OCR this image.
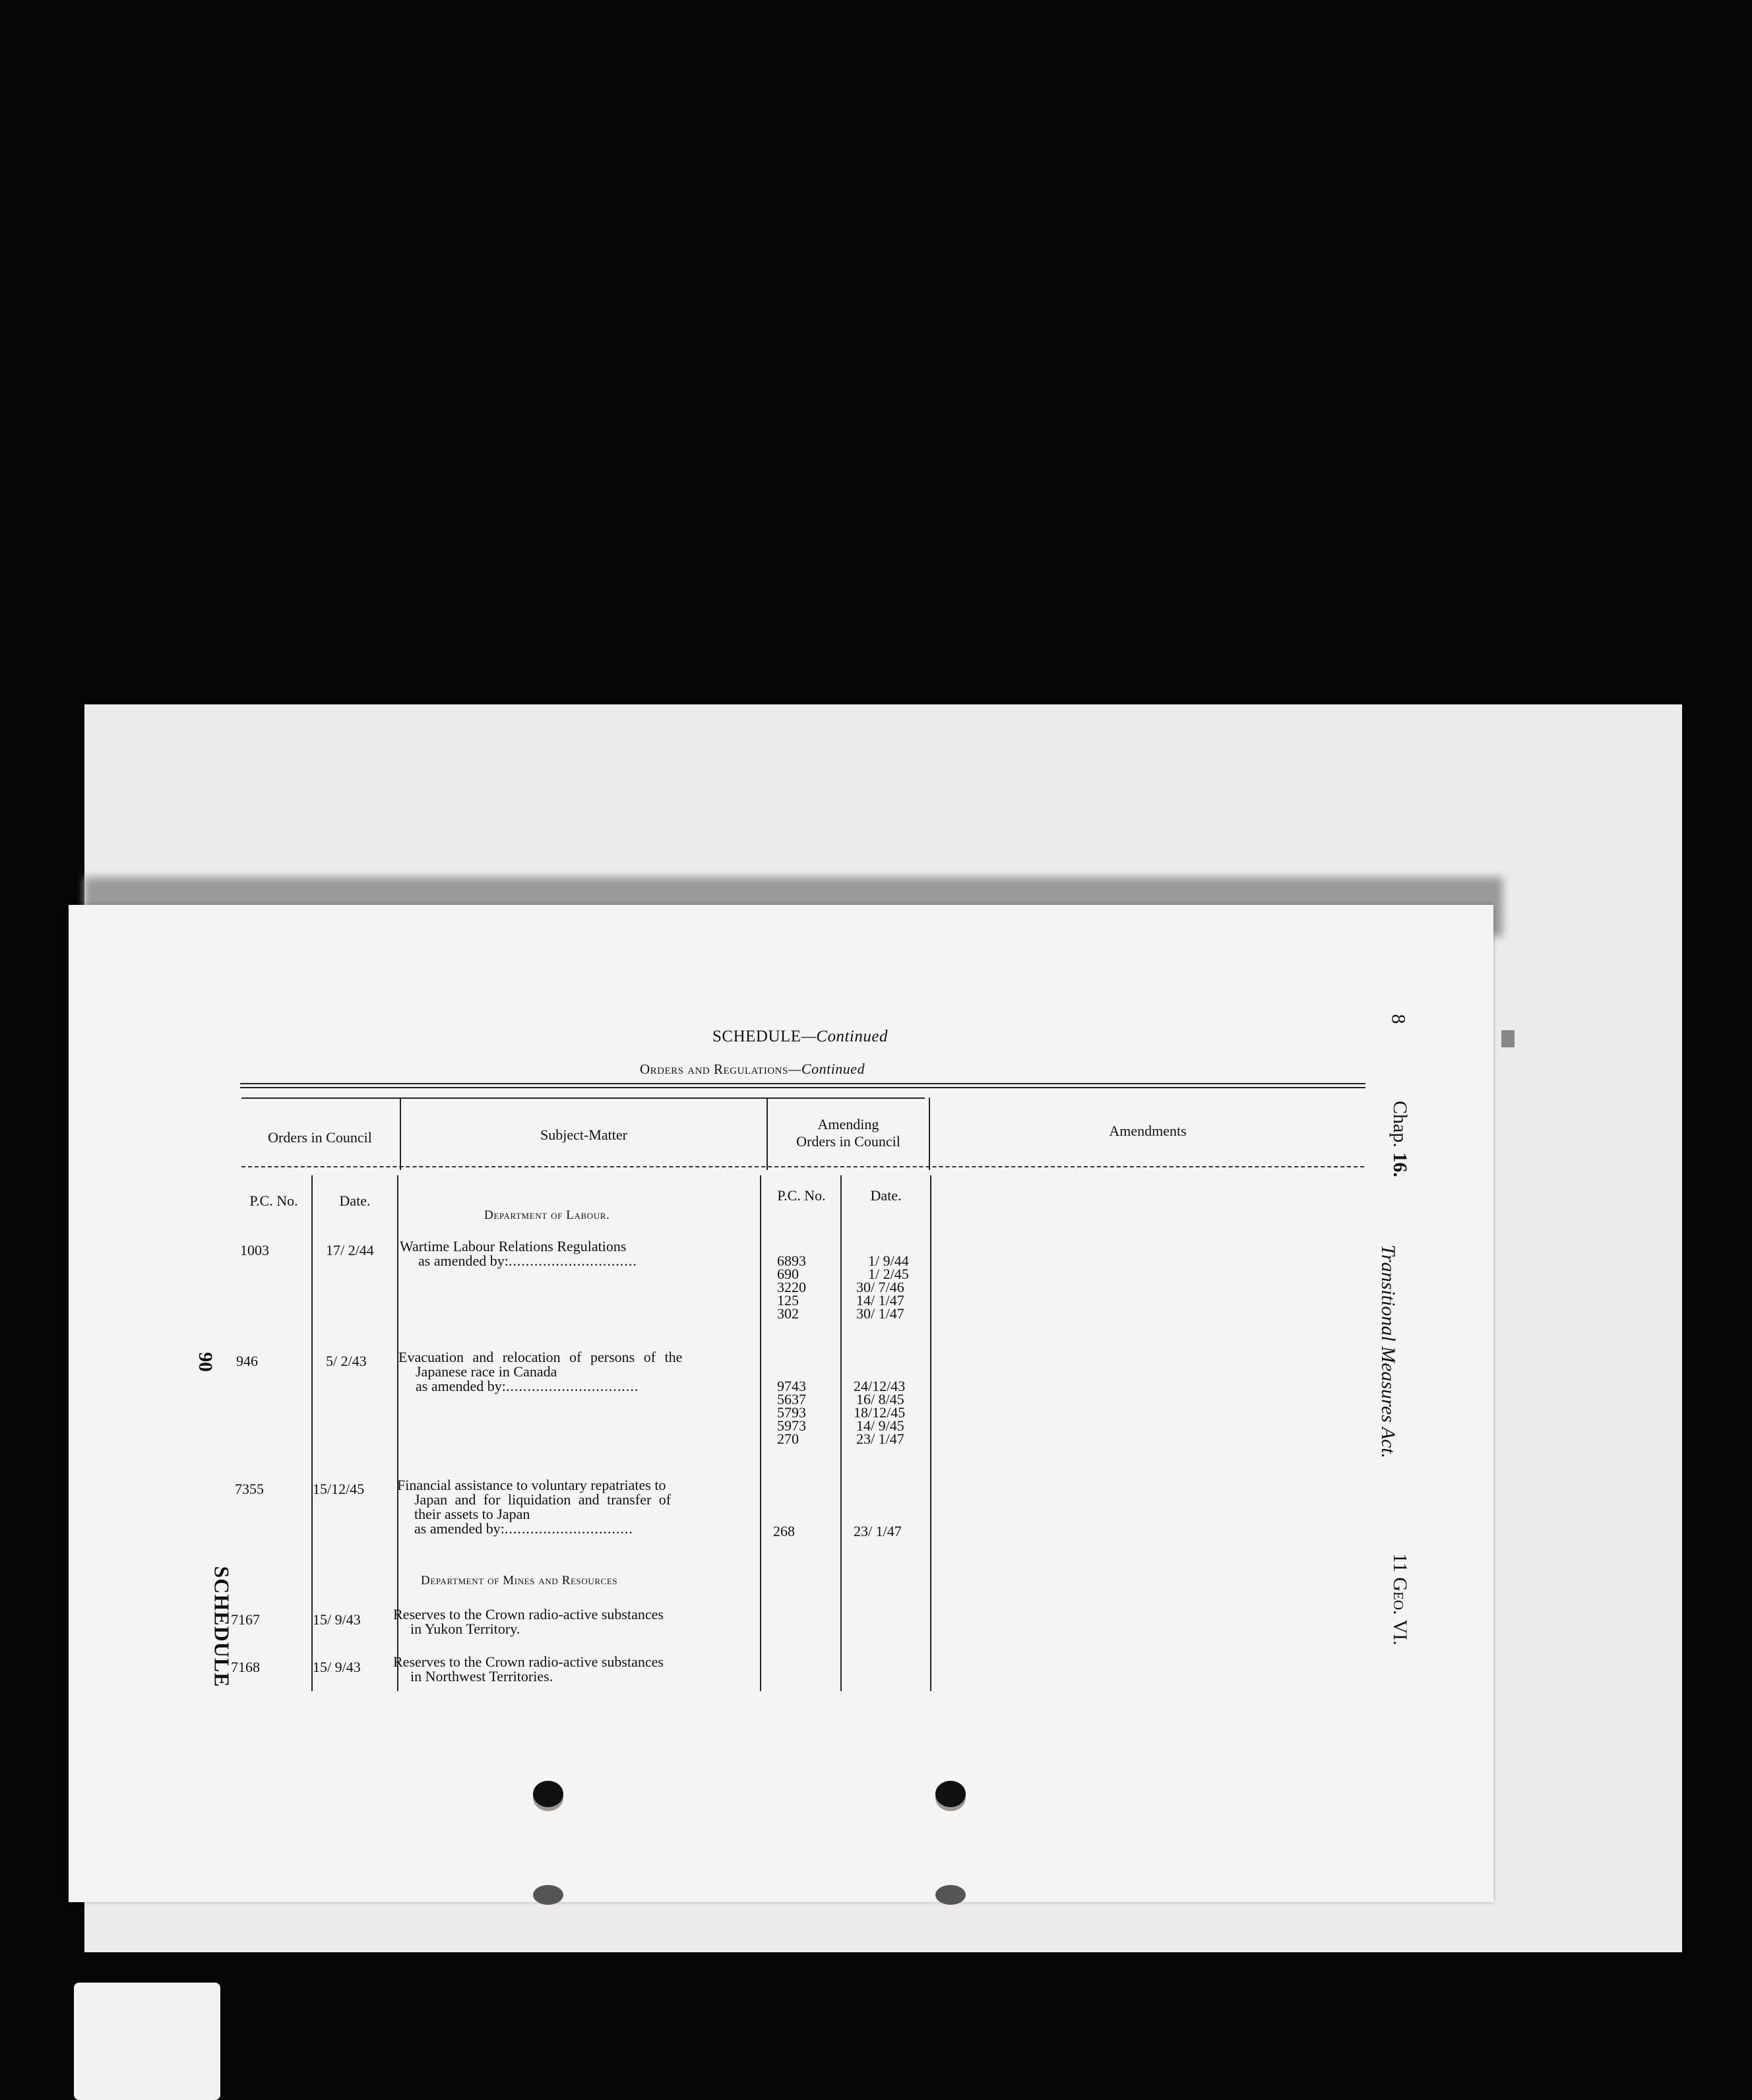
90
SCHEDULE
8
Chap. 16.
Transitional Measures Act.
11 Geo. VI.
SCHEDULE—Continued
Orders and Regulations—Continued
Orders in Council	Subject-Matter
Amending
Orders in Council
Amendments
P.C. No.	Date.	P.C. No.	Date.
Department of Labour.
Department of Mines and Resources
1003	17/ 2/44 Wartime Labour Relations Regulations
as amended by:..............................	6893	1/ 9/44
690	1/ 2/45
3220	30/ 7/46
125	14/ 1/47
302	30/ 1/47
946	5/ 2/43 Evacuation and relocation of persons of the
Japanese race in Canada
as amended by:...............................	9743	24/12/43
5637	16/ 8/45
5793	18/12/45
5973	14/ 9/45
270	23/ 1/47
7355	15/12/45 Financial assistance to voluntary repatriates to
Japan and for liquidation and transfer of
their assets to Japan
as amended by:..............................	268	23/ 1/47
7167	15/ 9/43 Reserves to the Crown radio-active substances
in Yukon Territory.
7168	15/ 9/43 Reserves to the Crown radio-active substances
in Northwest Territories.
